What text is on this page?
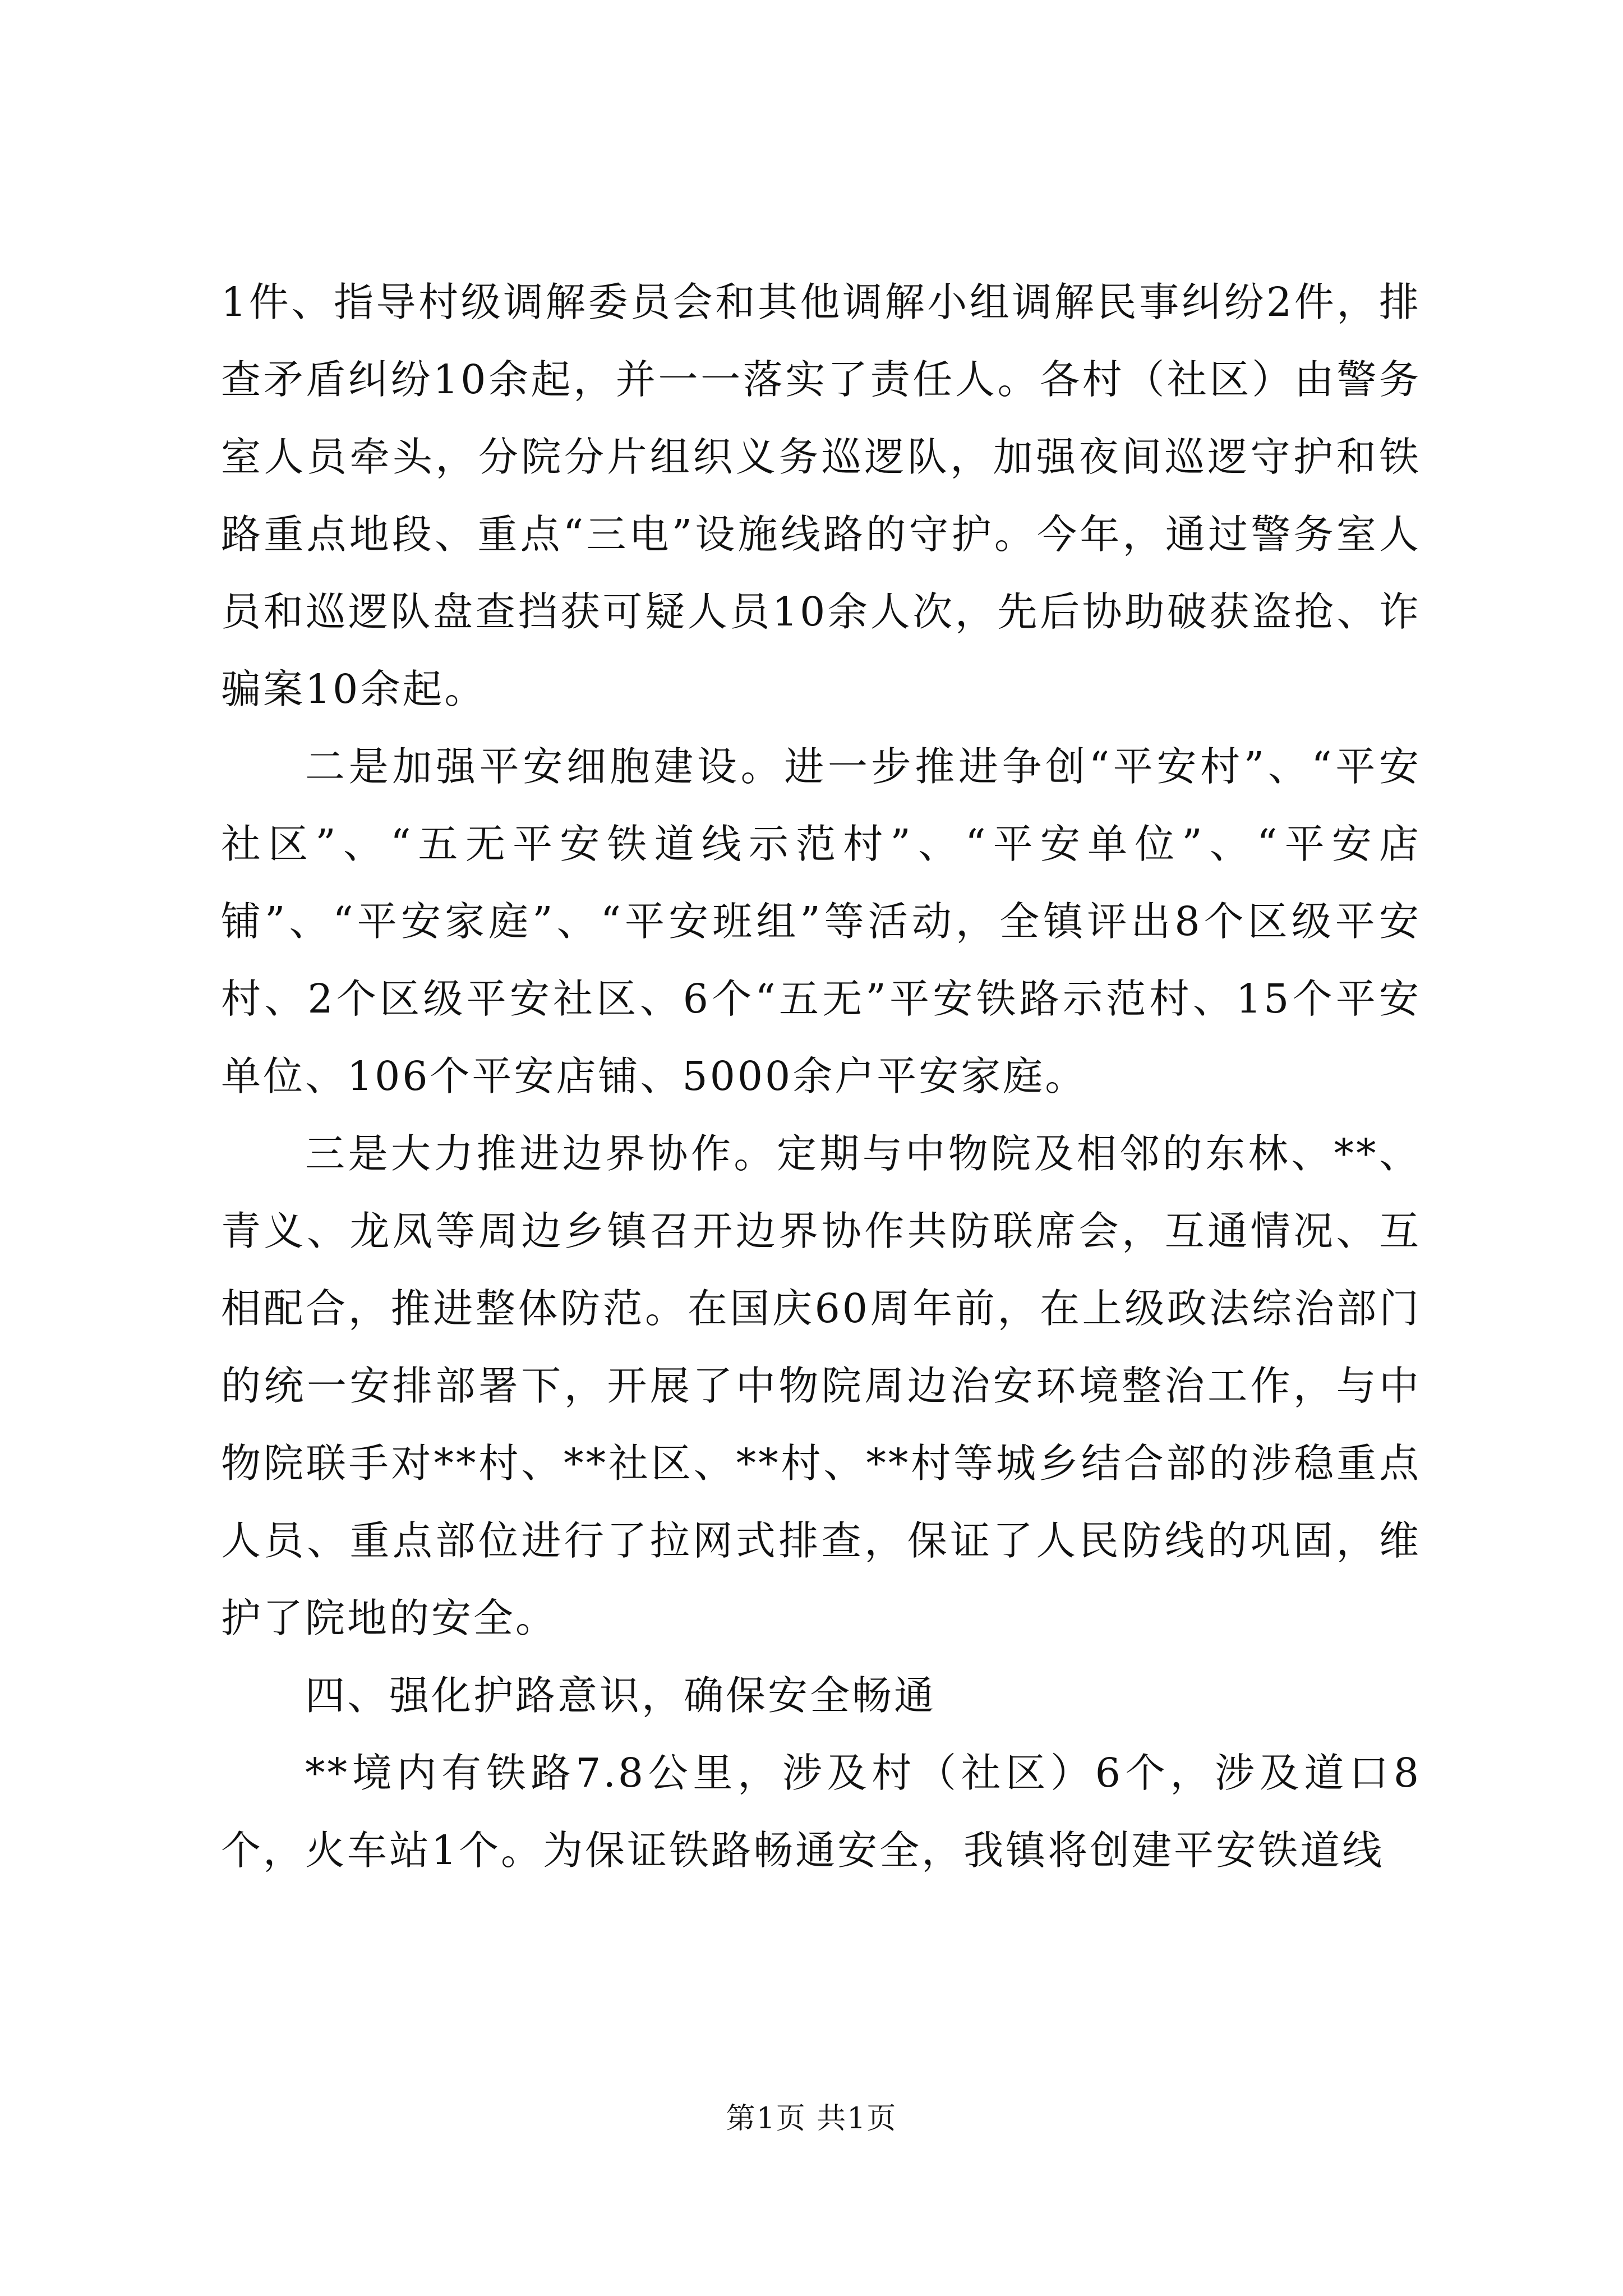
1件、指导村级调解委员会和其他调解小组调解民事纠纷2件，排查矛盾纠纷10余起，并一一落实了责任人。各村（社区）由警务室人员牵头，分院分片组织义务巡逻队，加强夜间巡逻守护和铁路重点地段、重点“三电”设施线路的守护。今年，通过警务室人员和巡逻队盘查挡获可疑人员10余人次，先后协助破获盗抢、诈骗案10余起。

二是加强平安细胞建设。进一步推进争创“平安村”、“平安社区”、“五无平安铁道线示范村”、“平安单位”、“平安店铺”、“平安家庭”、“平安班组”等活动，全镇评出8个区级平安村、2个区级平安社区、6个“五无”平安铁路示范村、15个平安单位、106个平安店铺、5000余户平安家庭。

三是大力推进边界协作。定期与中物院及相邻的东林、**、青义、龙凤等周边乡镇召开边界协作共防联席会，互通情况、互相配合，推进整体防范。在国庆60周年前，在上级政法综治部门的统一安排部署下，开展了中物院周边治安环境整治工作，与中物院联手对**村、**社区、**村、**村等城乡结合部的涉稳重点人员、重点部位进行了拉网式排查，保证了人民防线的巩固，维护了院地的安全。

四、强化护路意识，确保安全畅通

**境内有铁路7.8公里，涉及村（社区）6个，涉及道口8个，火车站1个。为保证铁路畅通安全，我镇将创建平安铁道线

第1页 共1页
